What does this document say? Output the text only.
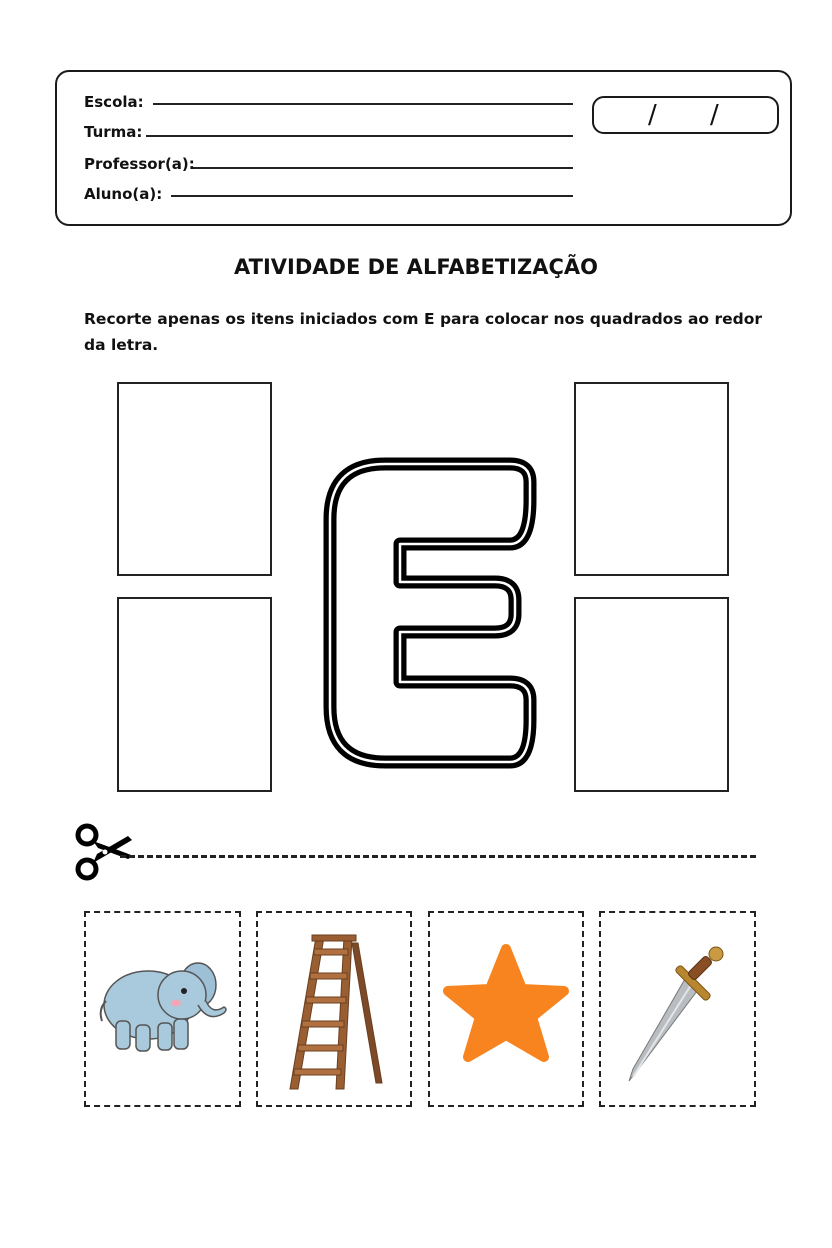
Escola:
Turma:
Professor(a):
Aluno(a):
/ /
ATIVIDADE DE ALFABETIZAÇÃO
Recorte apenas os itens iniciados com E para colocar nos quadrados ao redor da letra.
